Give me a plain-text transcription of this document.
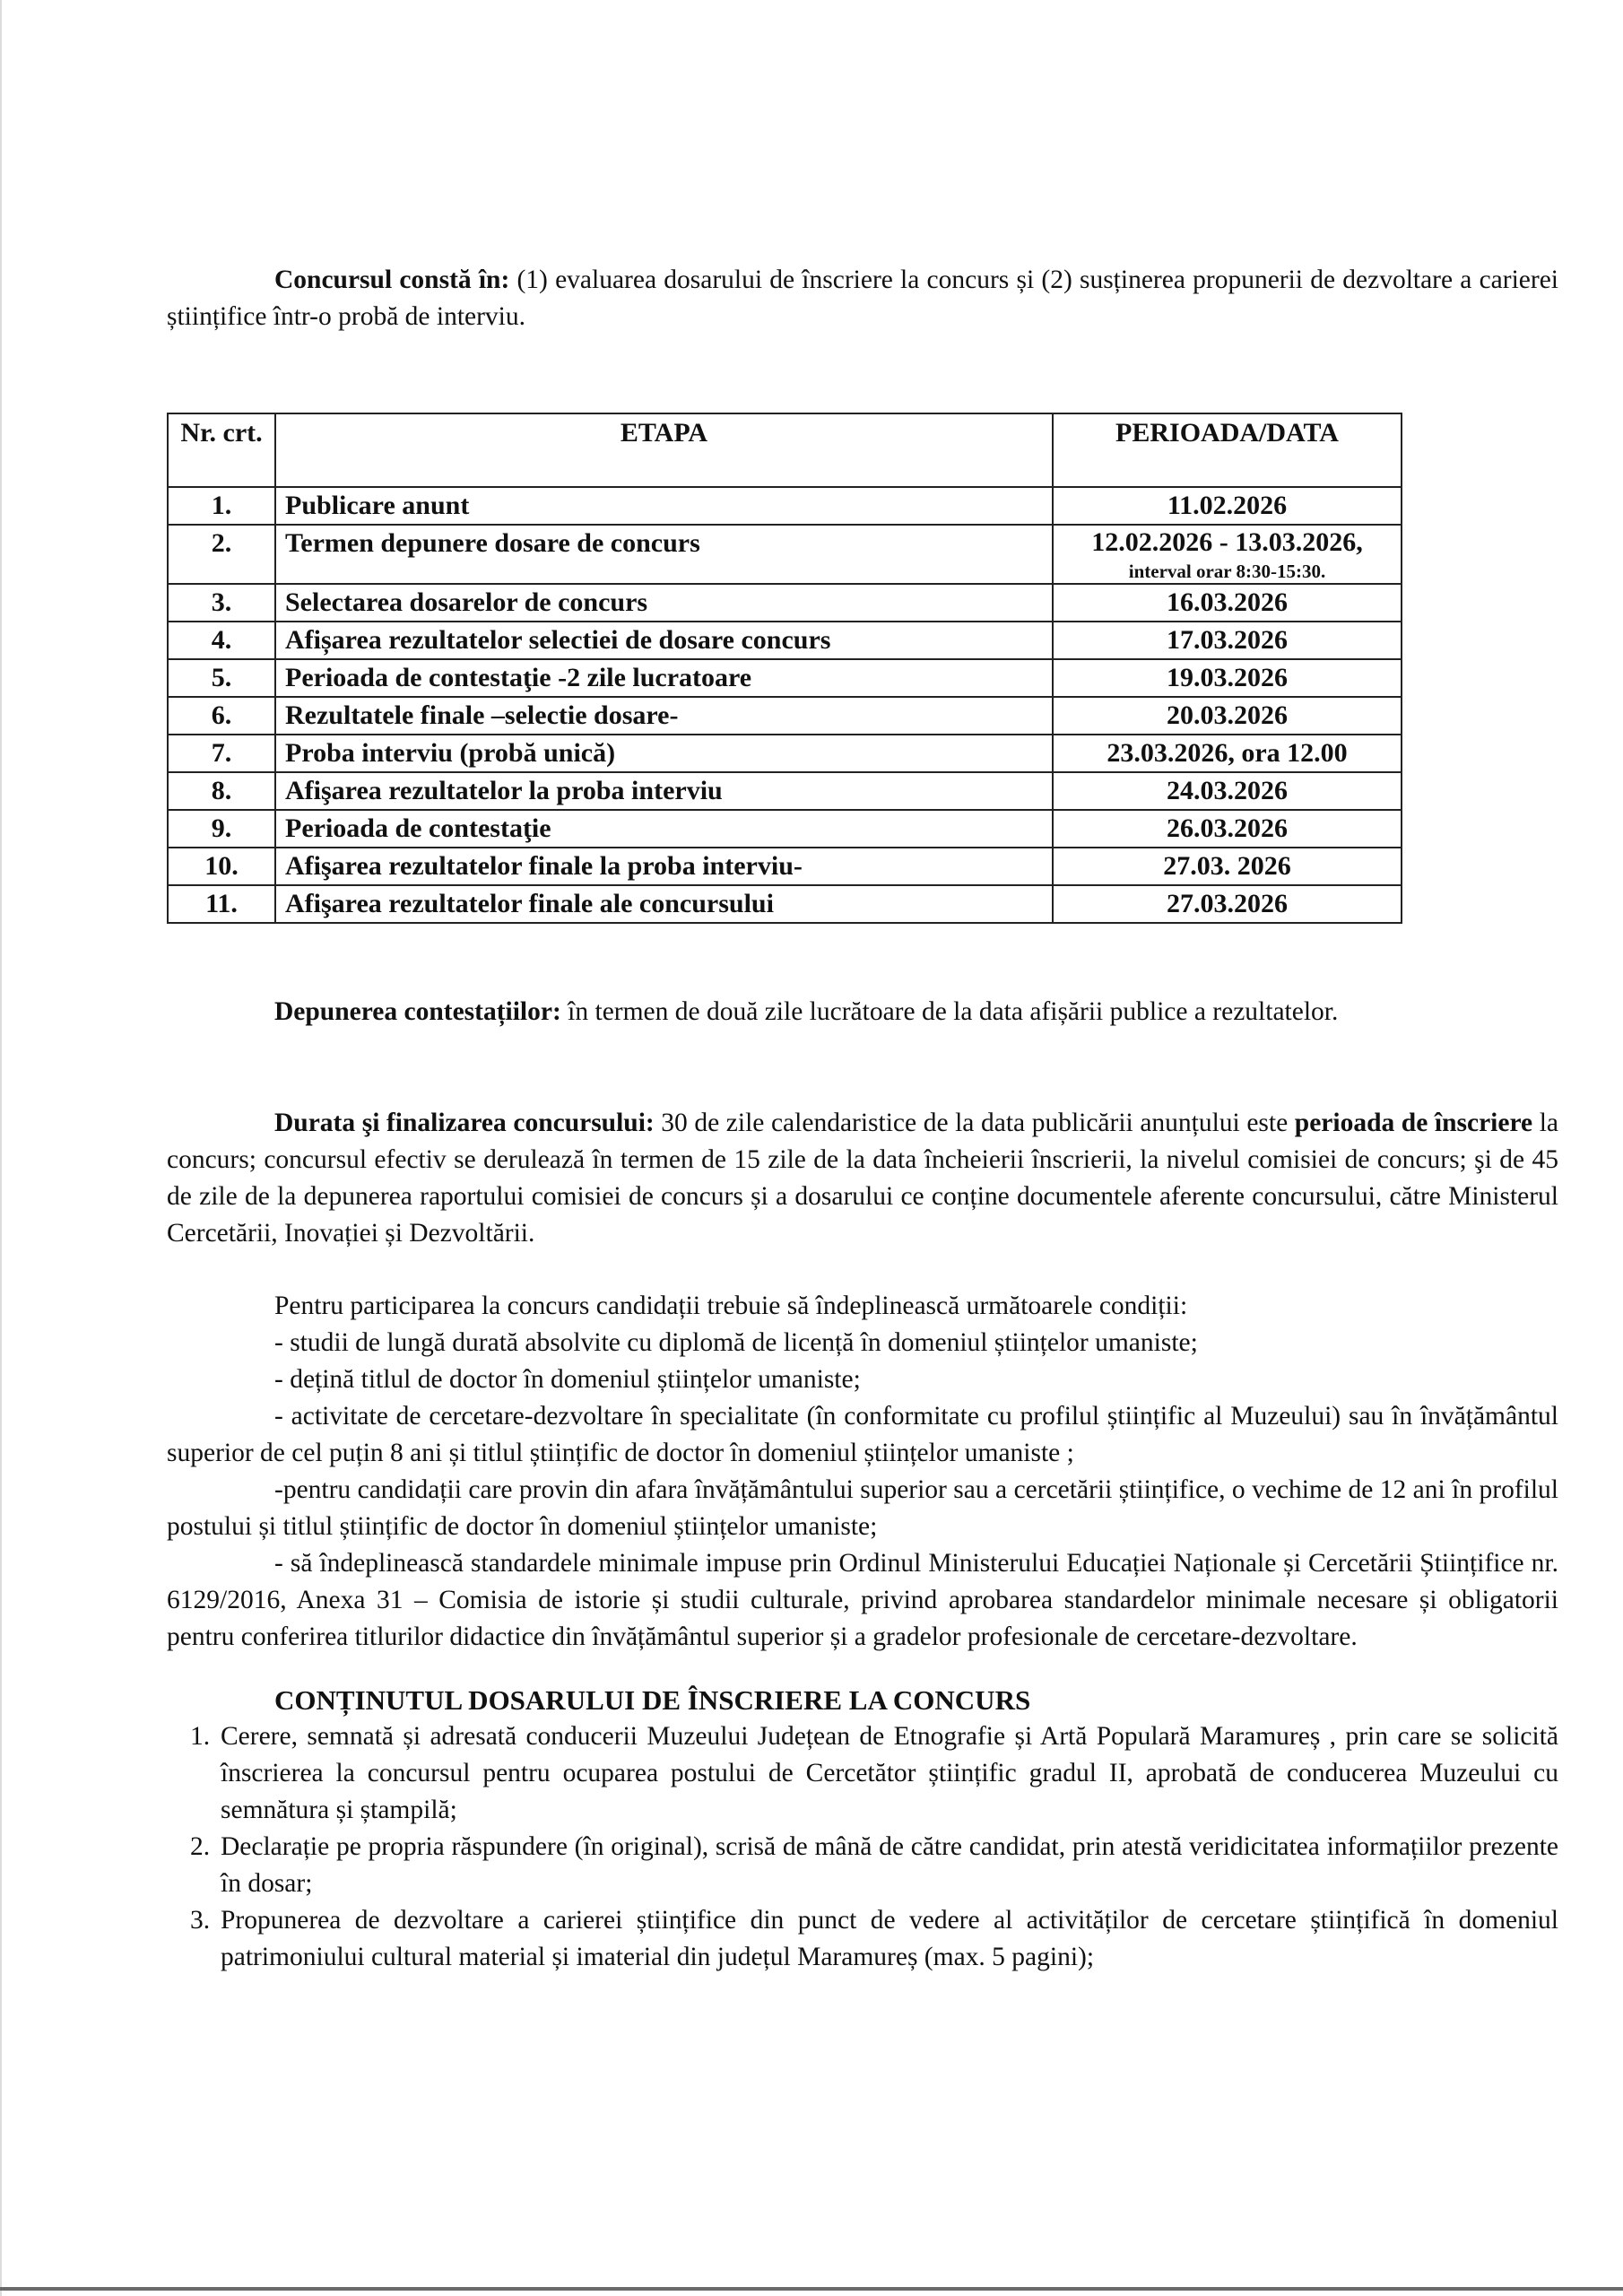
Concursul constă în: (1) evaluarea dosarului de înscriere la concurs și (2) susținerea propunerii de dezvoltare a carierei științifice într-o probă de interviu.

Nr. crt.	ETAPA	PERIOADA/DATA
1.	Publicare anunt	11.02.2026
2.	Termen depunere dosare de concurs	12.02.2026 - 13.03.2026,
interval orar 8:30-15:30.

3.	Selectarea dosarelor de concurs	16.03.2026
4.	Afișarea rezultatelor selectiei de dosare concurs	17.03.2026
5.	Perioada de contestaţie -2 zile lucratoare	19.03.2026
6.	Rezultatele finale –selectie dosare-	20.03.2026
7.	Proba interviu (probă unică)	23.03.2026, ora 12.00
8.	Afişarea rezultatelor la proba interviu	24.03.2026
9.	Perioada de contestaţie	26.03.2026
10.	Afişarea rezultatelor finale la proba interviu-	27.03. 2026
11.	Afişarea rezultatelor finale ale concursului	27.03.2026

Depunerea contestațiilor: în termen de două zile lucrătoare de la data afișării publice a rezultatelor.

Durata şi finalizarea concursului: 30 de zile calendaristice de la data publicării anunțului este perioada de înscriere la concurs; concursul efectiv se derulează în termen de 15 zile de la data încheierii înscrierii, la nivelul comisiei de concurs; şi de 45 de zile de la depunerea raportului comisiei de concurs și a dosarului ce conține documentele aferente concursului, către Ministerul Cercetării, Inovației și Dezvoltării.

Pentru participarea la concurs candidații trebuie să îndeplinească următoarele condiții:

- studii de lungă durată absolvite cu diplomă de licență în domeniul științelor umaniste;

- dețină titlul de doctor în domeniul științelor umaniste;

- activitate de cercetare-dezvoltare în specialitate (în conformitate cu profilul științific al Muzeului) sau în învățământul superior de cel puțin 8 ani și titlul științific de doctor în domeniul științelor umaniste ;

-pentru candidații care provin din afara învățământului superior sau a cercetării științifice, o vechime de 12 ani în profilul postului și titlul științific de doctor în domeniul științelor umaniste;

- să îndeplinească standardele minimale impuse prin Ordinul Ministerului Educației Naționale și Cercetării Științifice nr. 6129/2016, Anexa 31 – Comisia de istorie și studii culturale, privind aprobarea standardelor minimale necesare și obligatorii pentru conferirea titlurilor didactice din învățământul superior și a gradelor profesionale de cercetare-dezvoltare.

CONȚINUTUL DOSARULUI DE ÎNSCRIERE LA CONCURS
1. Cerere, semnată și adresată conducerii Muzeului Județean de Etnografie și Artă Populară Maramureș , prin care se solicită înscrierea la concursul pentru ocuparea postului de Cercetător științific gradul II, aprobată de conducerea Muzeului cu semnătura și ștampilă;
2. Declarație pe propria răspundere (în original), scrisă de mână de către candidat, prin atestă veridicitatea informațiilor prezente în dosar;
3. Propunerea de dezvoltare a carierei științifice din punct de vedere al activităților de cercetare științifică în domeniul patrimoniului cultural material și imaterial din județul Maramureș (max. 5 pagini);
